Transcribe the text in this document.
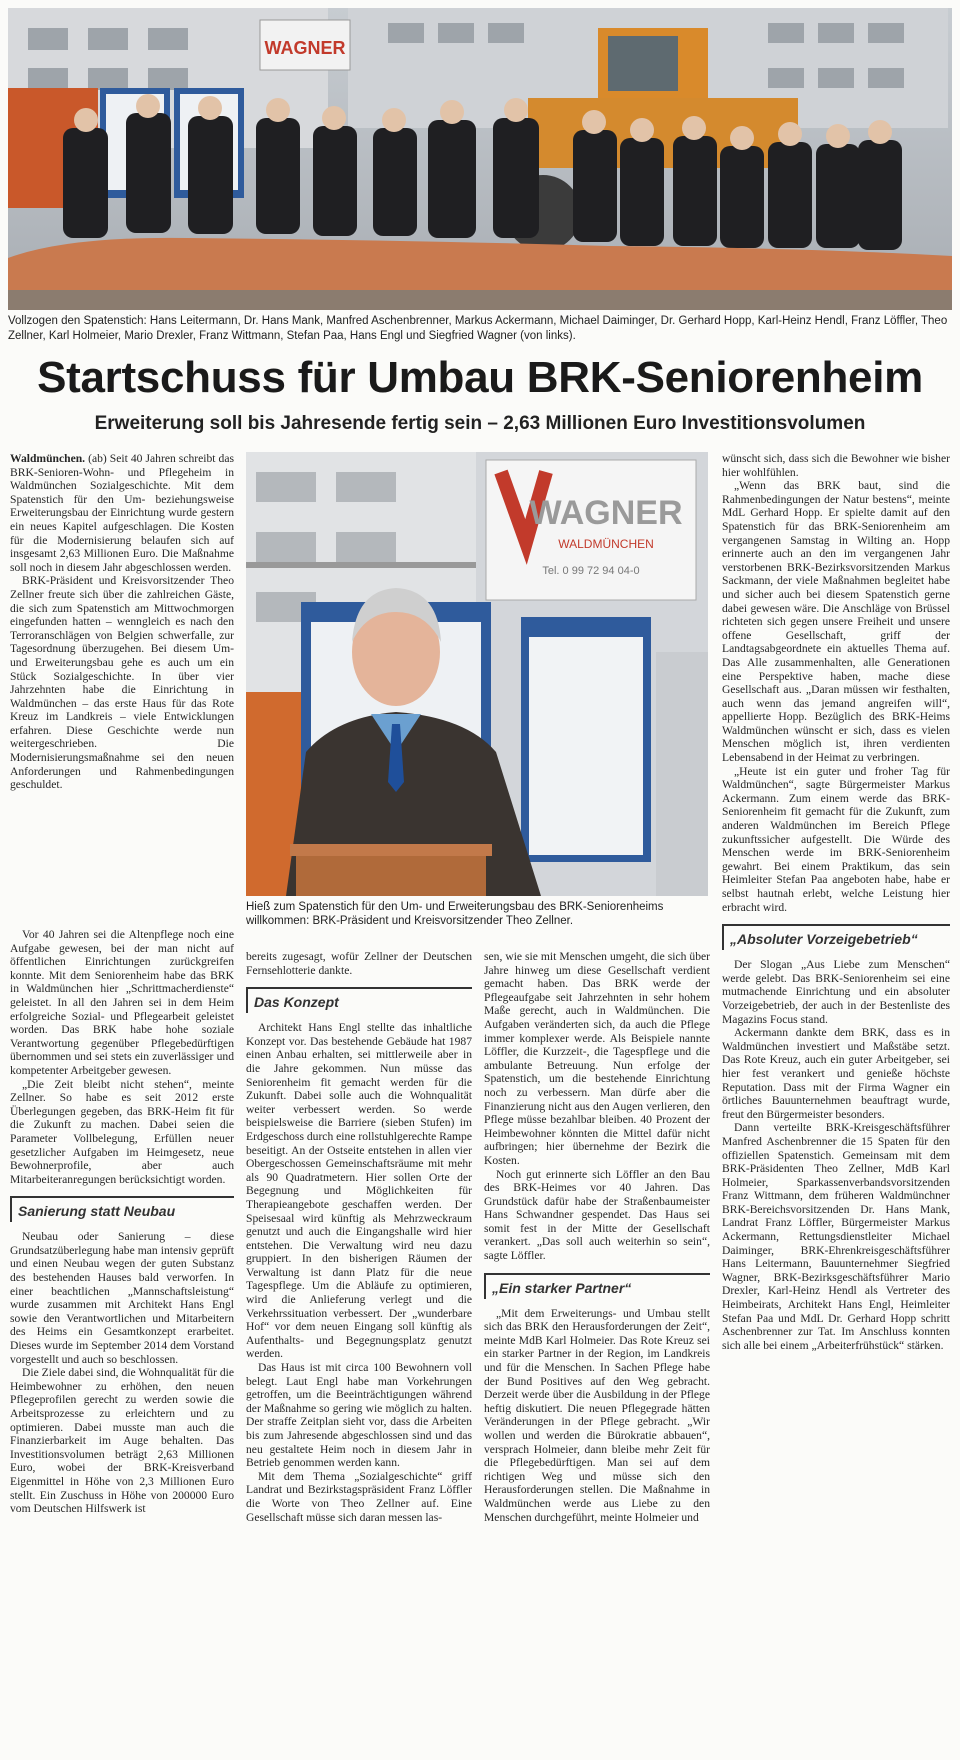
WAGNER
Vollzogen den Spatenstich: Hans Leitermann, Dr. Hans Mank, Manfred Aschenbrenner, Markus Ackermann, Michael Daiminger, Dr. Gerhard Hopp, Karl-Heinz Hendl, Franz Löffler, Theo Zellner, Karl Holmeier, Mario Drexler, Franz Wittmann, Stefan Paa, Hans Engl und Siegfried Wagner (von links).
Startschuss für Umbau BRK-Seniorenheim
Erweiterung soll bis Jahresende fertig sein – 2,63 Millionen Euro Investitionsvolumen

Waldmünchen. (ab) Seit 40 Jahren schreibt das BRK-Senioren-Wohn- und Pflegeheim in Waldmünchen Sozialgeschichte. Mit dem Spatenstich für den Um- beziehungsweise Erweiterungsbau der Einrichtung wurde gestern ein neues Kapitel aufgeschlagen. Die Kosten für die Modernisierung belaufen sich auf insgesamt 2,63 Millionen Euro. Die Maßnahme soll noch in diesem Jahr abgeschlossen werden.

BRK-Präsident und Kreisvorsitzender Theo Zellner freute sich über die zahlreichen Gäste, die sich zum Spatenstich am Mittwochmorgen eingefunden hatten – wenngleich es nach den Terroranschlägen von Belgien schwerfalle, zur Tagesordnung überzugehen. Bei diesem Um- und Erweiterungsbau gehe es auch um ein Stück Sozialgeschichte. In über vier Jahrzehnten habe die Einrichtung in Waldmünchen – das erste Haus für das Rote Kreuz im Landkreis – viele Entwicklungen erfahren. Diese Geschichte werde nun weitergeschrieben. Die Modernisierungsmaßnahme sei den neuen Anforderungen und Rahmenbedingungen geschuldet.

Vor 40 Jahren sei die Altenpflege noch eine Aufgabe gewesen, bei der man nicht auf öffentlichen Einrichtungen zurückgreifen konnte. Mit dem Seniorenheim habe das BRK in Waldmünchen hier „Schrittmacherdienste“ geleistet. In all den Jahren sei in dem Heim erfolgreiche Sozial- und Pflegearbeit geleistet worden. Das BRK habe hohe soziale Verantwortung gegenüber Pflegebedürftigen übernommen und sei stets ein zuverlässiger und kompetenter Arbeitgeber gewesen.

„Die Zeit bleibt nicht stehen“, meinte Zellner. So habe es seit 2012 erste Überlegungen gegeben, das BRK-Heim fit für die Zukunft zu machen. Dabei seien die Parameter Vollbelegung, Erfüllen neuer gesetzlicher Aufgaben im Heimgesetz, neue Bewohnerprofile, aber auch Mitarbeiteranregungen berücksichtigt worden.

Sanierung statt Neubau

Neubau oder Sanierung – diese Grundsatzüberlegung habe man intensiv geprüft und einen Neubau wegen der guten Substanz des bestehenden Hauses bald verworfen. In einer beachtlichen „Mannschaftsleistung“ wurde zusammen mit Architekt Hans Engl sowie den Verantwortlichen und Mitarbeitern des Heims ein Gesamtkonzept erarbeitet. Dieses wurde im September 2014 dem Vorstand vorgestellt und auch so beschlossen.

Die Ziele dabei sind, die Wohnqualität für die Heimbewohner zu erhöhen, den neuen Pflegeprofilen gerecht zu werden sowie die Arbeitsprozesse zu erleichtern und zu optimieren. Dabei musste man auch die Finanzierbarkeit im Auge behalten. Das Investitionsvolumen beträgt 2,63 Millionen Euro, wobei der BRK-Kreisverband Eigenmittel in Höhe von 2,3 Millionen Euro stellt. Ein Zuschuss in Höhe von 200000 Euro vom Deutschen Hilfswerk ist

WAGNER
WALDMÜNCHEN
Tel. 0 99 72 94 04-0
Hieß zum Spatenstich für den Um- und Erweiterungsbau des BRK-Seniorenheims willkommen: BRK-Präsident und Kreisvorsitzender Theo Zellner.

bereits zugesagt, wofür Zellner der Deutschen Fernsehlotterie dankte.

Das Konzept

Architekt Hans Engl stellte das inhaltliche Konzept vor. Das bestehende Gebäude hat 1987 einen Anbau erhalten, sei mittlerweile aber in die Jahre gekommen. Nun müsse das Seniorenheim fit gemacht werden für die Zukunft. Dabei solle auch die Wohnqualität weiter verbessert werden. So werde beispielsweise die Barriere (sieben Stufen) im Erdgeschoss durch eine rollstuhlgerechte Rampe beseitigt. An der Ostseite entstehen in allen vier Obergeschossen Gemeinschaftsräume mit mehr als 90 Quadratmetern. Hier sollen Orte der Begegnung und Möglichkeiten für Therapieangebote geschaffen werden. Der Speisesaal wird künftig als Mehrzweckraum genutzt und auch die Eingangshalle wird hier entstehen. Die Verwaltung wird neu dazu gruppiert. In den bisherigen Räumen der Verwaltung ist dann Platz für die neue Tagespflege. Um die Abläufe zu optimieren, wird die Anlieferung verlegt und die Verkehrssituation verbessert. Der „wunderbare Hof“ vor dem neuen Eingang soll künftig als Aufenthalts- und Begegnungsplatz genutzt werden.

Das Haus ist mit circa 100 Bewohnern voll belegt. Laut Engl habe man Vorkehrungen getroffen, um die Beeinträchtigungen während der Maßnahme so gering wie möglich zu halten. Der straffe Zeitplan sieht vor, dass die Arbeiten bis zum Jahresende abgeschlossen sind und das neu gestaltete Heim noch in diesem Jahr in Betrieb genommen werden kann.

Mit dem Thema „Sozialgeschichte“ griff Landrat und Bezirkstagspräsident Franz Löffler die Worte von Theo Zellner auf. Eine Gesellschaft müsse sich daran messen las-

sen, wie sie mit Menschen umgeht, die sich über Jahre hinweg um diese Gesellschaft verdient gemacht haben. Das BRK werde der Pflegeaufgabe seit Jahrzehnten in sehr hohem Maße gerecht, auch in Waldmünchen. Die Aufgaben veränderten sich, da auch die Pflege immer komplexer werde. Als Beispiele nannte Löffler, die Kurzzeit-, die Tagespflege und die ambulante Betreuung. Nun erfolge der Spatenstich, um die bestehende Einrichtung noch zu verbessern. Man dürfe aber die Finanzierung nicht aus den Augen verlieren, den Pflege müsse bezahlbar bleiben. 40 Prozent der Heimbewohner könnten die Mittel dafür nicht aufbringen; hier übernehme der Bezirk die Kosten.

Noch gut erinnerte sich Löffler an den Bau des BRK-Heimes vor 40 Jahren. Das Grundstück dafür habe der Straßenbaumeister Hans Schwandner gespendet. Das Haus sei somit fest in der Mitte der Gesellschaft verankert. „Das soll auch weiterhin so sein“, sagte Löffler.

„Ein starker Partner“

„Mit dem Erweiterungs- und Umbau stellt sich das BRK den Herausforderungen der Zeit“, meinte MdB Karl Holmeier. Das Rote Kreuz sei ein starker Partner in der Region, im Landkreis und für die Menschen. In Sachen Pflege habe der Bund Positives auf den Weg gebracht. Derzeit werde über die Ausbildung in der Pflege heftig diskutiert. Die neuen Pflegegrade hätten Veränderungen in der Pflege gebracht. „Wir wollen und werden die Bürokratie abbauen“, versprach Holmeier, dann bleibe mehr Zeit für die Pflegebedürftigen. Man sei auf dem richtigen Weg und müsse sich den Herausforderungen stellen. Die Maßnahme in Waldmünchen werde aus Liebe zu den Menschen durchgeführt, meinte Holmeier und

wünscht sich, dass sich die Bewohner wie bisher hier wohlfühlen.

„Wenn das BRK baut, sind die Rahmenbedingungen der Natur bestens“, meinte MdL Gerhard Hopp. Er spielte damit auf den Spatenstich für das BRK-Seniorenheim am vergangenen Samstag in Wilting an. Hopp erinnerte auch an den im vergangenen Jahr verstorbenen BRK-Bezirksvorsitzenden Markus Sackmann, der viele Maßnahmen begleitet habe und sicher auch bei diesem Spatenstich gerne dabei gewesen wäre. Die Anschläge von Brüssel richteten sich gegen unsere Freiheit und unsere offene Gesellschaft, griff der Landtagsabgeordnete ein aktuelles Thema auf. Das Alle zusammenhalten, alle Generationen eine Perspektive haben, mache diese Gesellschaft aus. „Daran müssen wir festhalten, auch wenn das jemand angreifen will“, appellierte Hopp. Bezüglich des BRK-Heims Waldmünchen wünscht er sich, dass es vielen Menschen möglich ist, ihren verdienten Lebensabend in der Heimat zu verbringen.

„Heute ist ein guter und froher Tag für Waldmünchen“, sagte Bürgermeister Markus Ackermann. Zum einem werde das BRK-Seniorenheim fit gemacht für die Zukunft, zum anderen Waldmünchen im Bereich Pflege zukunftssicher aufgestellt. Die Würde des Menschen werde im BRK-Seniorenheim gewahrt. Bei einem Praktikum, das sein Heimleiter Stefan Paa angeboten habe, habe er selbst hautnah erlebt, welche Leistung hier erbracht wird.

„Absoluter Vorzeigebetrieb“

Der Slogan „Aus Liebe zum Menschen“ werde gelebt. Das BRK-Seniorenheim sei eine mutmachende Einrichtung und ein absoluter Vorzeigebetrieb, der auch in der Bestenliste des Magazins Focus stand.

Ackermann dankte dem BRK, dass es in Waldmünchen investiert und Maßstäbe setzt. Das Rote Kreuz, auch ein guter Arbeitgeber, sei hier fest verankert und genieße höchste Reputation. Dass mit der Firma Wagner ein örtliches Bauunternehmen beauftragt wurde, freut den Bürgermeister besonders.

Dann verteilte BRK-Kreisgeschäftsführer Manfred Aschenbrenner die 15 Spaten für den offiziellen Spatenstich. Gemeinsam mit dem BRK-Präsidenten Theo Zellner, MdB Karl Holmeier, Sparkassenverbandsvorsitzenden Franz Wittmann, dem früheren Waldmünchner BRK-Bereichsvorsitzenden Dr. Hans Mank, Landrat Franz Löffler, Bürgermeister Markus Ackermann, Rettungsdienstleiter Michael Daiminger, BRK-Ehrenkreisgeschäftsführer Hans Leitermann, Bauunternehmer Siegfried Wagner, BRK-Bezirksgeschäftsführer Mario Drexler, Karl-Heinz Hendl als Vertreter des Heimbeirats, Architekt Hans Engl, Heimleiter Stefan Paa und MdL Dr. Gerhard Hopp schritt Aschenbrenner zur Tat. Im Anschluss konnten sich alle bei einem „Arbeiterfrühstück“ stärken.
